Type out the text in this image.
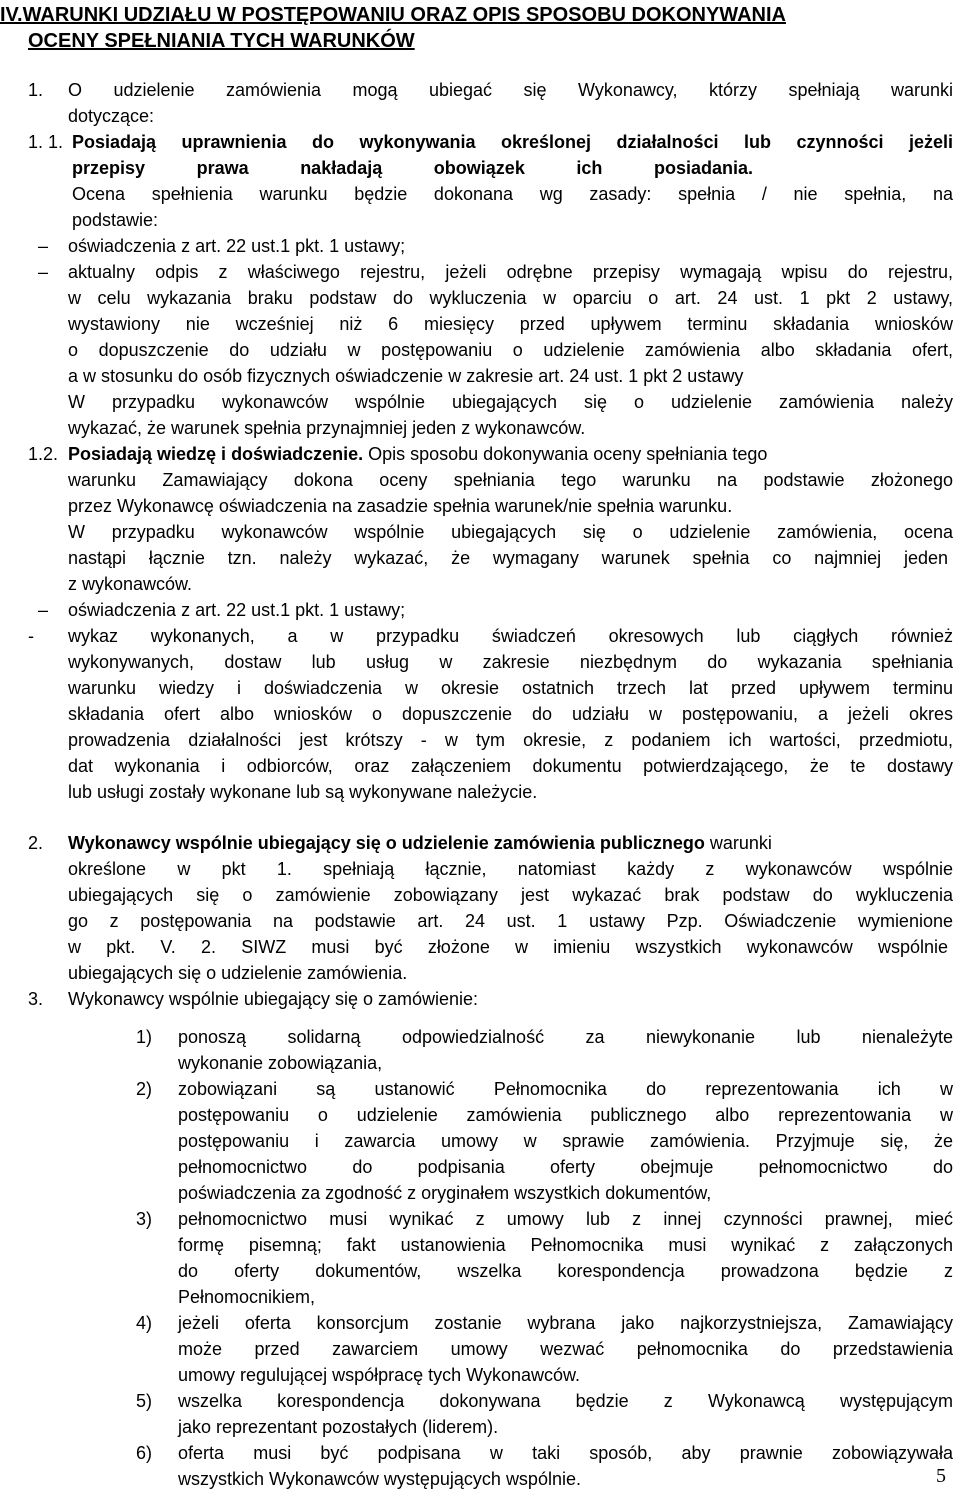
IV.WARUNKI UDZIAŁU W POSTĘPOWANIU ORAZ OPIS SPOSOBU DOKONYWANIA
OCENY SPEŁNIANIA TYCH WARUNKÓW
1. O udzielenie zamówienia mogą ubiegać się Wykonawcy, którzy spełniają warunki
dotyczące:
1. 1. Posiadają uprawnienia do wykonywania określonej działalności lub czynności jeżeli
przepisy prawa nakładają obowiązek ich posiadania.
Ocena spełnienia warunku będzie dokonana wg zasady: spełnia / nie spełnia, na
podstawie:
– oświadczenia z art. 22 ust.1 pkt. 1 ustawy;
– aktualny odpis z właściwego rejestru, jeżeli odrębne przepisy wymagają wpisu do rejestru,
w celu wykazania braku podstaw do wykluczenia w oparciu o art. 24 ust. 1 pkt 2 ustawy,
wystawiony nie wcześniej niż 6 miesięcy przed upływem terminu składania wniosków
o dopuszczenie do udziału w postępowaniu o udzielenie zamówienia albo składania ofert,
a w stosunku do osób fizycznych oświadczenie w zakresie art. 24 ust. 1 pkt 2 ustawy
W przypadku wykonawców wspólnie ubiegających się o udzielenie zamówienia należy
wykazać, że warunek spełnia przynajmniej jeden z wykonawców.
1.2. Posiadają wiedzę i doświadczenie. Opis sposobu dokonywania oceny spełniania tego
warunku Zamawiający dokona oceny spełniania tego warunku na podstawie złożonego
przez Wykonawcę oświadczenia na zasadzie spełnia warunek/nie spełnia warunku.
W przypadku wykonawców wspólnie ubiegających się o udzielenie zamówienia, ocena
nastąpi łącznie tzn. należy wykazać, że wymagany warunek spełnia co najmniej jeden
z wykonawców.
– oświadczenia z art. 22 ust.1 pkt. 1 ustawy;
- wykaz wykonanych, a w przypadku świadczeń okresowych lub ciągłych również
wykonywanych, dostaw lub usług w zakresie niezbędnym do wykazania spełniania
warunku wiedzy i doświadczenia w okresie ostatnich trzech lat przed upływem terminu
składania ofert albo wniosków o dopuszczenie do udziału w postępowaniu, a jeżeli okres
prowadzenia działalności jest krótszy - w tym okresie, z podaniem ich wartości, przedmiotu,
dat wykonania i odbiorców, oraz załączeniem dokumentu potwierdzającego, że te dostawy
lub usługi zostały wykonane lub są wykonywane należycie.
2. Wykonawcy wspólnie ubiegający się o udzielenie zamówienia publicznego warunki
określone w pkt 1. spełniają łącznie, natomiast każdy z wykonawców wspólnie
ubiegających się o zamówienie zobowiązany jest wykazać brak podstaw do wykluczenia
go z postępowania na podstawie art. 24 ust. 1 ustawy Pzp. Oświadczenie wymienione
w pkt. V. 2. SIWZ musi być złożone w imieniu wszystkich wykonawców wspólnie
ubiegających się o udzielenie zamówienia.
3. Wykonawcy wspólnie ubiegający się o zamówienie:
1) ponoszą solidarną odpowiedzialność za niewykonanie lub nienależyte
wykonanie zobowiązania,
2) zobowiązani są ustanowić Pełnomocnika do reprezentowania ich w
postępowaniu o udzielenie zamówienia publicznego albo reprezentowania w
postępowaniu i zawarcia umowy w sprawie zamówienia. Przyjmuje się, że
pełnomocnictwo do podpisania oferty obejmuje pełnomocnictwo do
poświadczenia za zgodność z oryginałem wszystkich dokumentów,
3) pełnomocnictwo musi wynikać z umowy lub z innej czynności prawnej, mieć
formę pisemną; fakt ustanowienia Pełnomocnika musi wynikać z załączonych
do oferty dokumentów, wszelka korespondencja prowadzona będzie z
Pełnomocnikiem,
4) jeżeli oferta konsorcjum zostanie wybrana jako najkorzystniejsza, Zamawiający
może przed zawarciem umowy wezwać pełnomocnika do przedstawienia
umowy regulującej współpracę tych Wykonawców.
5) wszelka korespondencja dokonywana będzie z Wykonawcą występującym
jako reprezentant pozostałych (liderem).
6) oferta musi być podpisana w taki sposób, aby prawnie zobowiązywała
wszystkich Wykonawców występujących wspólnie.	5
